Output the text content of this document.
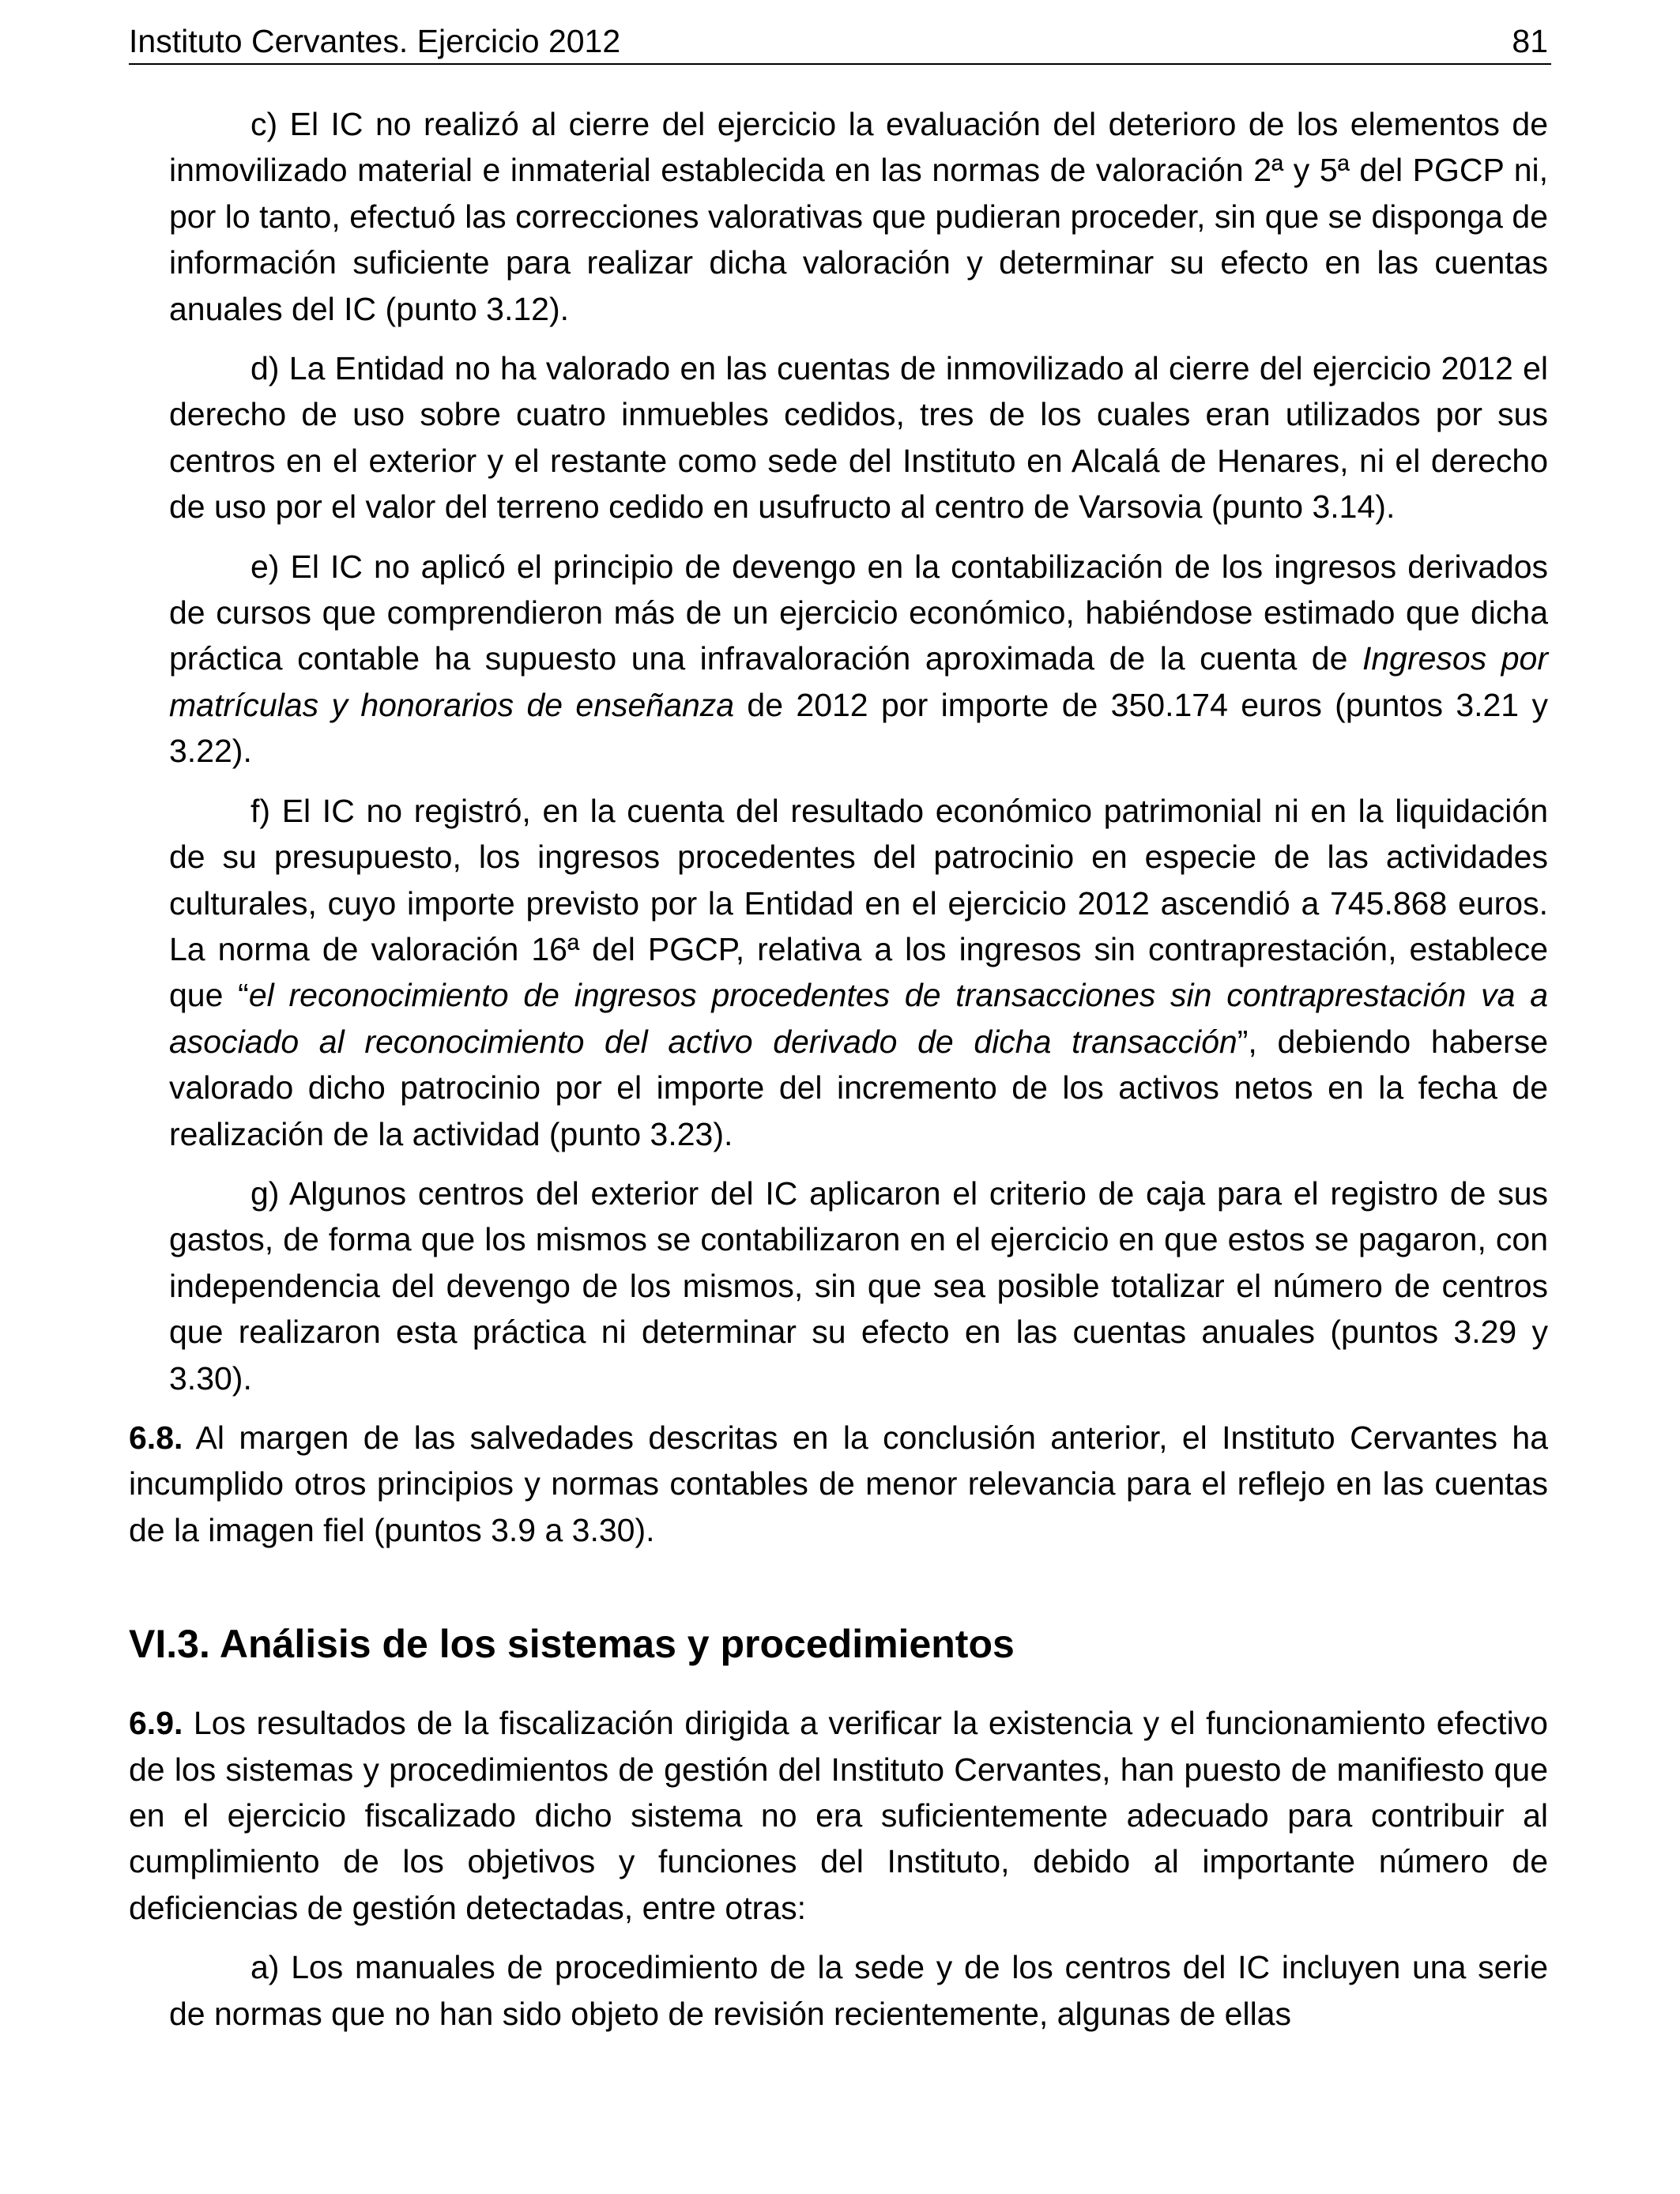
Instituto Cervantes. Ejercicio 2012	81

c) El IC no realizó al cierre del ejercicio la evaluación del deterioro de los elementos de inmovilizado material e inmaterial establecida en las normas de valoración 2ª y 5ª del PGCP ni, por lo tanto, efectuó las correcciones valorativas que pudieran proceder, sin que se disponga de información suficiente para realizar dicha valoración y determinar su efecto en las cuentas anuales del IC (punto 3.12).

d) La Entidad no ha valorado en las cuentas de inmovilizado al cierre del ejercicio 2012 el derecho de uso sobre cuatro inmuebles cedidos, tres de los cuales eran utilizados por sus centros en el exterior y el restante como sede del Instituto en Alcalá de Henares, ni el derecho de uso por el valor del terreno cedido en usufructo al centro de Varsovia (punto 3.14).

e) El IC no aplicó el principio de devengo en la contabilización de los ingresos derivados de cursos que comprendieron más de un ejercicio económico, habiéndose estimado que dicha práctica contable ha supuesto una infravaloración aproximada de la cuenta de Ingresos por matrículas y honorarios de enseñanza de 2012 por importe de 350.174 euros (puntos 3.21 y 3.22).

f) El IC no registró, en la cuenta del resultado económico patrimonial ni en la liquidación de su presupuesto, los ingresos procedentes del patrocinio en especie de las actividades culturales, cuyo importe previsto por la Entidad en el ejercicio 2012 ascendió a 745.868 euros. La norma de valoración 16ª del PGCP, relativa a los ingresos sin contraprestación, establece que “el reconocimiento de ingresos procedentes de transacciones sin contraprestación va a asociado al reconocimiento del activo derivado de dicha transacción”, debiendo haberse valorado dicho patrocinio por el importe del incremento de los activos netos en la fecha de realización de la actividad (punto 3.23).

g) Algunos centros del exterior del IC aplicaron el criterio de caja para el registro de sus gastos, de forma que los mismos se contabilizaron en el ejercicio en que estos se pagaron, con independencia del devengo de los mismos, sin que sea posible totalizar el número de centros que realizaron esta práctica ni determinar su efecto en las cuentas anuales (puntos 3.29 y 3.30).

6.8. Al margen de las salvedades descritas en la conclusión anterior, el Instituto Cervantes ha incumplido otros principios y normas contables de menor relevancia para el reflejo en las cuentas de la imagen fiel (puntos 3.9 a 3.30).

VI.3. Análisis de los sistemas y procedimientos

6.9. Los resultados de la fiscalización dirigida a verificar la existencia y el funcionamiento efectivo de los sistemas y procedimientos de gestión del Instituto Cervantes, han puesto de manifiesto que en el ejercicio fiscalizado dicho sistema no era suficientemente adecuado para contribuir al cumplimiento de los objetivos y funciones del Instituto, debido al importante número de deficiencias de gestión detectadas, entre otras:

a) Los manuales de procedimiento de la sede y de los centros del IC incluyen una serie de normas que no han sido objeto de revisión recientemente, algunas de ellas
